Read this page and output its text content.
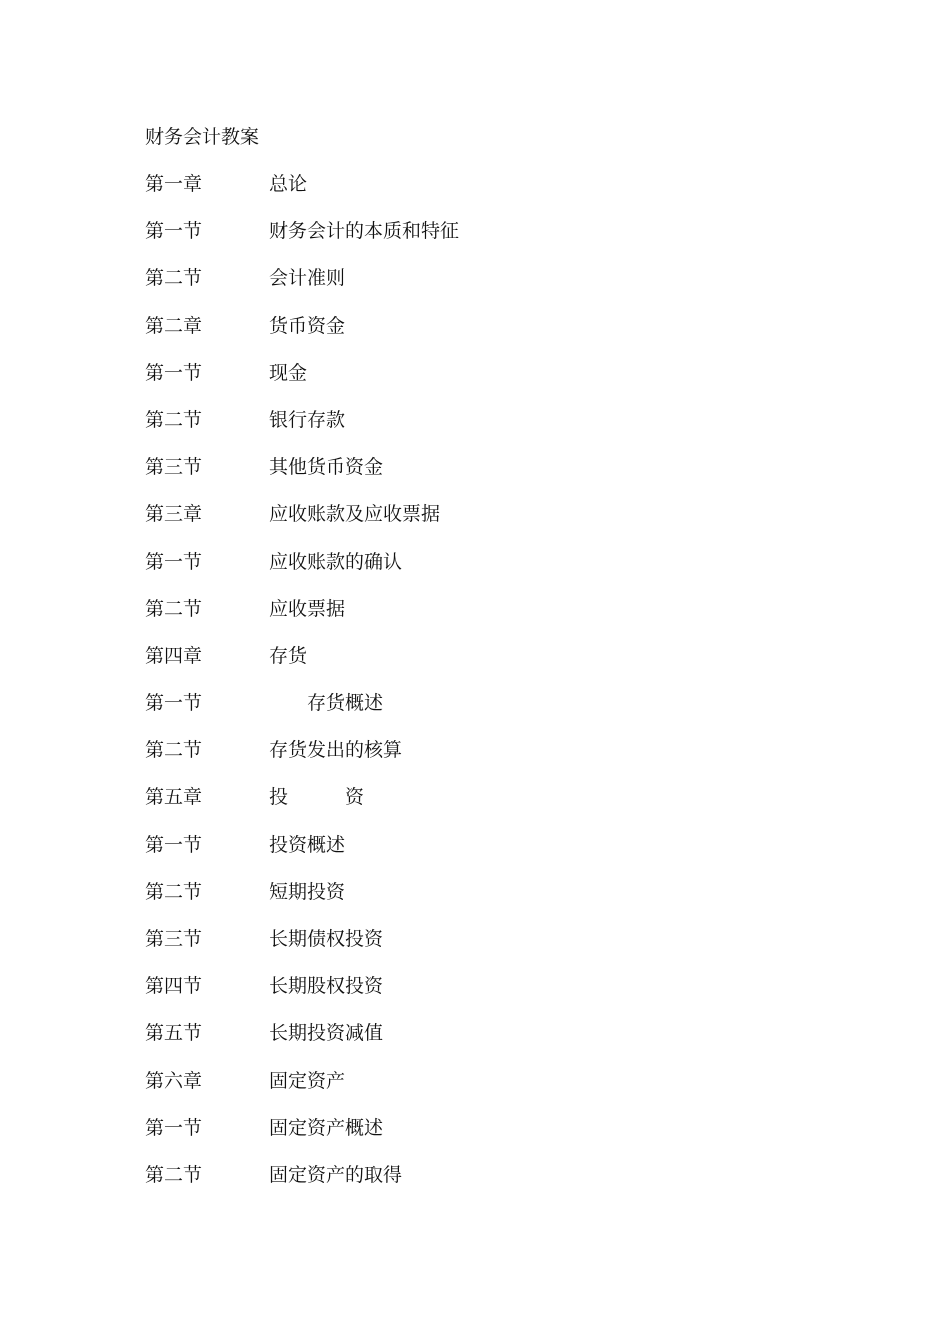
财务会计教案
第一章	总论
第一节	财务会计的本质和特征
第二节	会计准则
第二章	货币资金
第一节	现金
第二节	银行存款
第三节	其他货币资金
第三章	应收账款及应收票据
第一节	应收账款的确认
第二节	应收票据
第四章	存货
第一节	存货概述
第二节	存货发出的核算
第五章	投　　　资
第一节	投资概述
第二节	短期投资
第三节	长期债权投资
第四节	长期股权投资
第五节	长期投资减值
第六章	固定资产
第一节	固定资产概述
第二节	固定资产的取得
